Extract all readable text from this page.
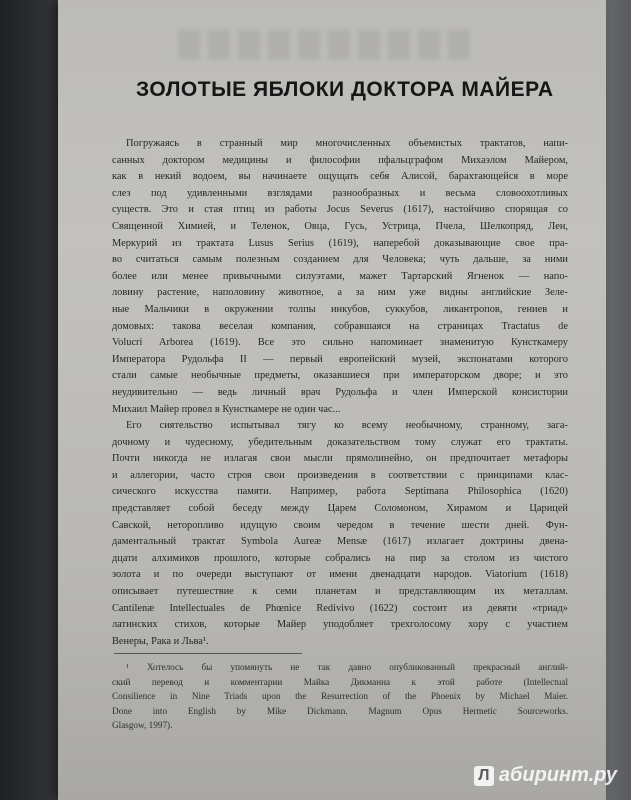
ЗОЛОТЫЕ ЯБЛОКИ ДОКТОРА МАЙЕРА
Погружаясь в странный мир многочисленных объемистых трактатов, напи-
санных доктором медицины и философии пфальцграфом Михаэлом Майером,
как в некий водоем, вы начинаете ощущать себя Алисой, барахтающейся в море
слез под удивленными взглядами разнообразных и весьма словоохотливых
существ. Это и стая птиц из работы Jocus Severus (1617), настойчиво спорящая со
Священной Химией, и Теленок, Овца, Гусь, Устрица, Пчела, Шелкопряд, Лен,
Меркурий из трактата Lusus Serius (1619), наперебой доказывающие свое пра-
во считаться самым полезным созданием для Человека; чуть дальше, за ними
более или менее привычными силуэтами, мажет Тартарский Ягненок — напо-
ловину растение, наполовину животное, а за ним уже видны английские Зеле-
ные Мальчики в окружении толпы инкубов, суккубов, ликантропов, гениев и
домовых: такова веселая компания, собравшаяся на страницах Tractatus de
Volucri Arborea (1619). Все это сильно напоминает знаменитую Кунсткамеру
Императора Рудольфа II — первый европейский музей, экспонатами которого
стали самые необычные предметы, оказавшиеся при императорском дворе; и это
неудивительно — ведь личный врач Рудольфа и член Имперской консистории
Михаил Майер провел в Кунсткамере не один час...
Его сиятельство испытывал тягу ко всему необычному, странному, зага-
дочному и чудесному, убедительным доказательством тому служат его трактаты.
Почти никогда не излагая свои мысли прямолинейно, он предпочитает метафоры
и аллегории, часто строя свои произведения в соответствии с принципами клас-
сического искусства памяти. Например, работа Septimana Philosophica (1620)
представляет собой беседу между Царем Соломоном, Хирамом и Царицей
Савской, неторопливо идущую своим чередом в течение шести дней. Фун-
даментальный трактат Symbola Aureæ Mensæ (1617) излагает доктрины двена-
дцати алхимиков прошлого, которые собрались на пир за столом из чистого
золота и по очереди выступают от имени двенадцати народов. Viatorium (1618)
описывает путешествие к семи планетам и представляющим их металлам.
Cantilenæ Intellectuales de Phœnice Redivivo (1622) состоит из девяти «триад»
латинских стихов, которые Майер уподобляет трехголосому хору с участием
Венеры, Рака и Льва¹.
¹ Хотелось бы упомянуть не так давно опубликованный прекрасный англий-
ский перевод и комментарии Майка Дикманна к этой работе (Intellectual
Consilience in Nine Triads upon the Resurrection of the Phoenix by Michael Maier.
Done into English by Mike Dickmann. Magnum Opus Hermetic Sourceworks.
Glasgow, 1997).
Л абиринт.ру
